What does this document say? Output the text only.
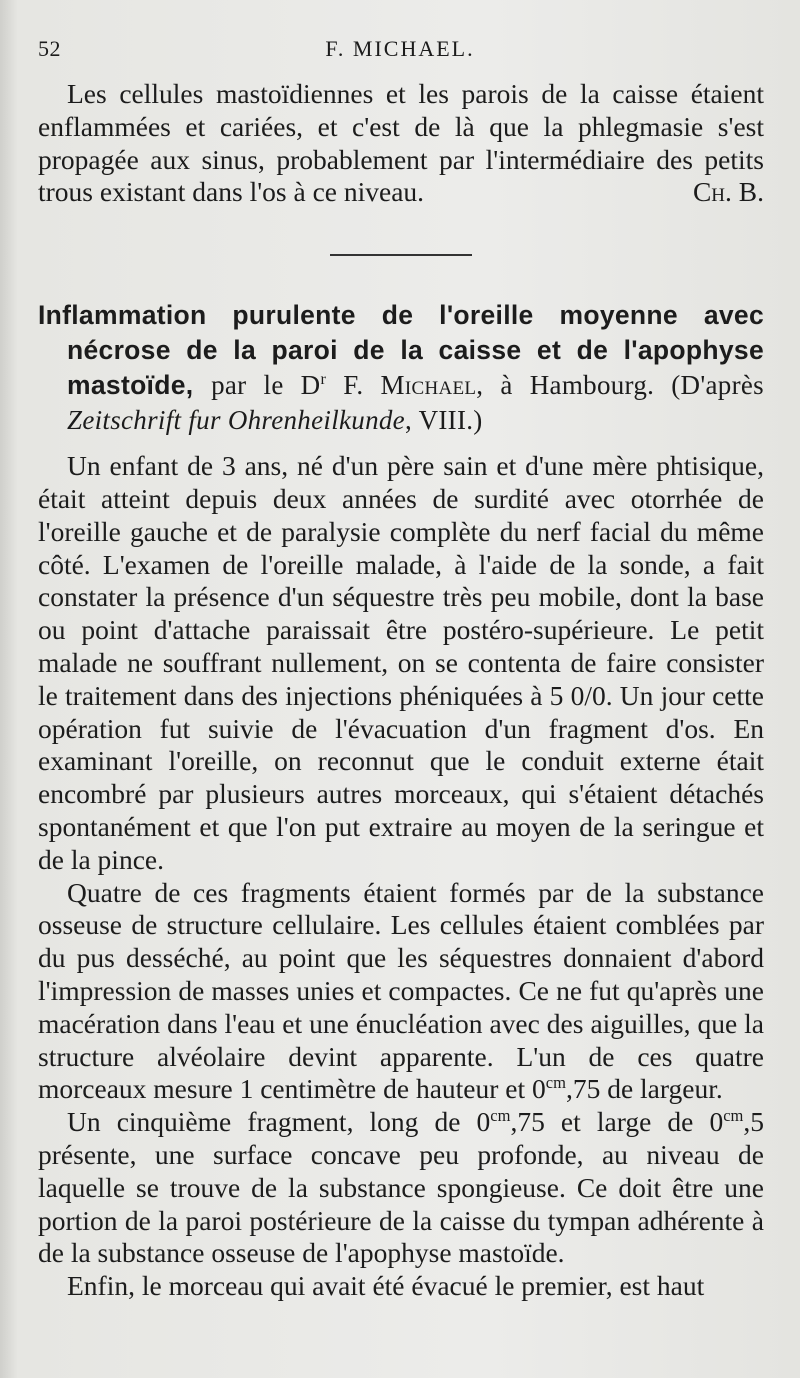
52	F. MICHAEL.

Les cellules mastoïdiennes et les parois de la caisse étaient enflammées et cariées, et c'est de là que la phlegmasie s'est propagée aux sinus, probablement par l'intermédiaire des petits trous existant dans l'os à ce niveau.	Ch. B.

Inflammation purulente de l'oreille moyenne avec nécrose de la paroi de la caisse et de l'apophyse mastoïde, par le $D^r$ F. Michael, à Hambourg. (D'après Zeitschrift fur Ohrenheilkunde, VIII.)

Un enfant de 3 ans, né d'un père sain et d'une mère phtisique, était atteint depuis deux années de surdité avec otorrhée de l'oreille gauche et de paralysie complète du nerf facial du même côté. L'examen de l'oreille malade, à l'aide de la sonde, a fait constater la présence d'un séquestre très peu mobile, dont la base ou point d'attache paraissait être postéro-supérieure. Le petit malade ne souffrant nullement, on se contenta de faire consister le traitement dans des injections phéniquées à 5 0/0. Un jour cette opération fut suivie de l'évacuation d'un fragment d'os. En examinant l'oreille, on reconnut que le conduit externe était encombré par plusieurs autres morceaux, qui s'étaient détachés spontanément et que l'on put extraire au moyen de la seringue et de la pince.

Quatre de ces fragments étaient formés par de la substance osseuse de structure cellulaire. Les cellules étaient comblées par du pus desséché, au point que les séquestres donnaient d'abord l'impression de masses unies et compactes. Ce ne fut qu'après une macération dans l'eau et une énucléation avec des aiguilles, que la structure alvéolaire devint apparente. L'un de ces quatre morceaux mesure 1 centimètre de hauteur et $0^{cm},75$ de largeur.

Un cinquième fragment, long de $0^{cm},75$ et large de $0^{cm},5$ présente, une surface concave peu profonde, au niveau de laquelle se trouve de la substance spongieuse. Ce doit être une portion de la paroi postérieure de la caisse du tympan adhérente à de la substance osseuse de l'apophyse mastoïde.

Enfin, le morceau qui avait été évacué le premier, est haut
